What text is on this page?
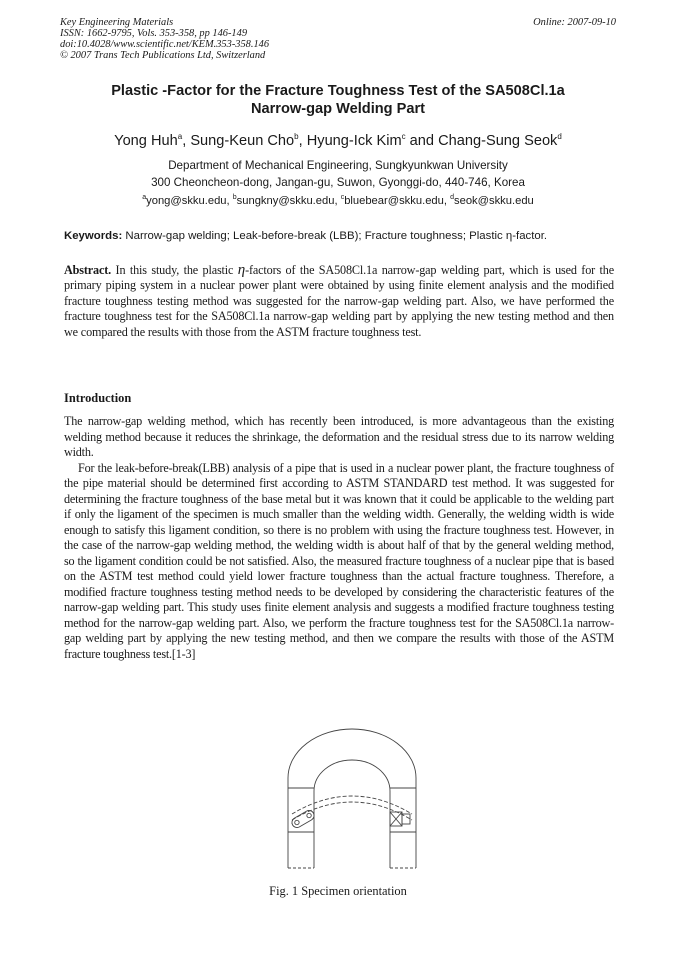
Key Engineering Materials
ISSN: 1662-9795, Vols. 353-358, pp 146-149
doi:10.4028/www.scientific.net/KEM.353-358.146
© 2007 Trans Tech Publications Ltd, Switzerland
Online: 2007-09-10
Plastic -Factor for the Fracture Toughness Test of the SA508Cl.1a
Narrow-gap Welding Part
Yong Huh$^a$, Sung-Keun Cho$^b$, Hyung-Ick Kim$^c$ and Chang-Sung Seok$^d$
Department of Mechanical Engineering, Sungkyunkwan University
300 Cheoncheon-dong, Jangan-gu, Suwon, Gyonggi-do, 440-746, Korea
$^a$yong@skku.edu, $^b$sungkny@skku.edu, $^c$bluebear@skku.edu, $^d$seok@skku.edu
Keywords: Narrow-gap welding; Leak-before-break (LBB); Fracture toughness; Plastic η-factor.
Abstract. In this study, the plastic η-factors of the SA508Cl.1a narrow-gap welding part, which is used for the primary piping system in a nuclear power plant were obtained by using finite element analysis and the modified fracture toughness testing method was suggested for the narrow-gap welding part. Also, we have performed the fracture toughness test for the SA508Cl.1a narrow-gap welding part by applying the new testing method and then we compared the results with those from the ASTM fracture toughness test.
Introduction

The narrow-gap welding method, which has recently been introduced, is more advantageous than the existing welding method because it reduces the shrinkage, the deformation and the residual stress due to its narrow welding width.

For the leak-before-break(LBB) analysis of a pipe that is used in a nuclear power plant, the fracture toughness of the pipe material should be determined first according to ASTM STANDARD test method. It was suggested for determining the fracture toughness of the base metal but it was known that it could be applicable to the welding part if only the ligament of the specimen is much smaller than the welding width. Generally, the welding width is wide enough to satisfy this ligament condition, so there is no problem with using the fracture toughness test. However, in the case of the narrow-gap welding method, the welding width is about half of that by the general welding method, so the ligament condition could be not satisfied. Also, the measured fracture toughness of a nuclear pipe that is based on the ASTM test method could yield lower fracture toughness than the actual fracture toughness. Therefore, a modified fracture toughness testing method needs to be developed by considering the characteristic features of the narrow-gap welding part. This study uses finite element analysis and suggests a modified fracture toughness testing method for the narrow-gap welding part. Also, we perform the fracture toughness test for the SA508Cl.1a narrow-gap welding part by applying the new testing method, and then we compare the results with those of the ASTM fracture toughness test.[1-3]

Fig. 1 Specimen orientation
